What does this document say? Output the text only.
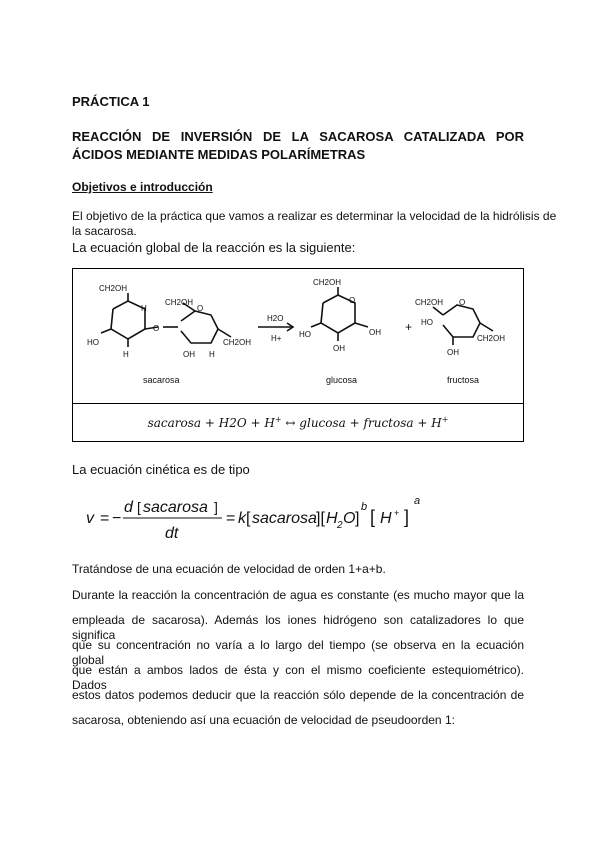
PRÁCTICA 1
REACCIÓN DE INVERSIÓN DE LA SACAROSA CATALIZADA POR
ÁCIDOS MEDIANTE MEDIDAS POLARÍMETRAS
Objetivos e introducción
El objetivo de la práctica que vamos a realizar es determinar la velocidad de la hidrólisis de
la sacarosa.
La ecuación global de la reacción es la siguiente:
CH2OH
H
O
HO
H
CH2OH
O
CH2OH
OH H
H2O
H+
CH2OH
O
OH
HO
OH
+
CH2OH O
HO
CH2OH
OH
sacarosa	glucosa	fructosa
sacarosa + H2O + H+ ↔ glucosa + fructosa + H+
La ecuación cinética es de tipo
v = −
d [ sacarosa ]
dt
= k [ sacarosa ][ H 2 O ]
b [ H + ]
a
Tratándose de una ecuación de velocidad de orden 1+a+b.
Durante la reacción la concentración de agua es constante (es mucho mayor que la
empleada de sacarosa). Además los iones hidrógeno son catalizadores lo que significa
que su concentración no varía a lo largo del tiempo (se observa en la ecuación global
que están a ambos lados de ésta y con el mismo coeficiente estequiométrico). Dados
estos datos podemos deducir que la reacción sólo depende de la concentración de
sacarosa, obteniendo así una ecuación de velocidad de pseudoorden 1:
